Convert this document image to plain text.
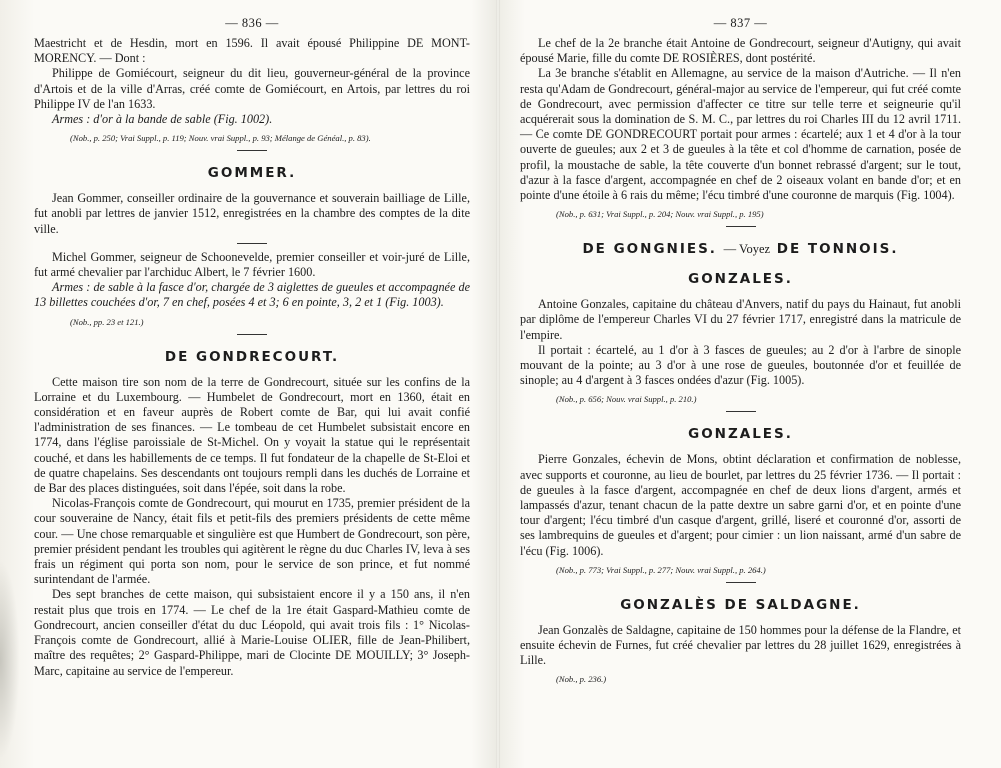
— 836 —

Maestricht et de Hesdin, mort en 1596. Il avait épousé Philippine DE MONT-MORENCY. — Dont :

Philippe de Gomiécourt, seigneur du dit lieu, gouverneur-général de la province d'Artois et de la ville d'Arras, créé comte de Gomiécourt, en Artois, par lettres du roi Philippe IV de l'an 1633.

Armes : d'or à la bande de sable (Fig. 1002).

(Nob., p. 250; Vrai Suppl., p. 119; Nouv. vrai Suppl., p. 93; Mélange de Généal., p. 83).
GOMMER.

Jean Gommer, conseiller ordinaire de la gouvernance et souverain bailliage de Lille, fut anobli par lettres de janvier 1512, enregistrées en la chambre des comptes de la dite ville.

Michel Gommer, seigneur de Schoonevelde, premier conseiller et voir-juré de Lille, fut armé chevalier par l'archiduc Albert, le 7 février 1600.

Armes : de sable à la fasce d'or, chargée de 3 aiglettes de gueules et accompagnée de 13 billettes couchées d'or, 7 en chef, posées 4 et 3; 6 en pointe, 3, 2 et 1 (Fig. 1003).

(Nob., pp. 23 et 121.)
DE GONDRECOURT.

Cette maison tire son nom de la terre de Gondrecourt, située sur les confins de la Lorraine et du Luxembourg. — Humbelet de Gondrecourt, mort en 1360, était en considération et en faveur auprès de Robert comte de Bar, qui lui avait confié l'administration de ses finances. — Le tombeau de cet Humbelet subsistait encore en 1774, dans l'église paroissiale de St-Michel. On y voyait la statue qui le représentait couché, et dans les habillements de ce temps. Il fut fondateur de la chapelle de St-Eloi et de quatre chapelains. Ses descendants ont toujours rempli dans les duchés de Lorraine et de Bar des places distinguées, soit dans l'épée, soit dans la robe.

Nicolas-François comte de Gondrecourt, qui mourut en 1735, premier président de la cour souveraine de Nancy, était fils et petit-fils des premiers présidents de cette même cour. — Une chose remarquable et singulière est que Humbert de Gondrecourt, son père, premier président pendant les troubles qui agitèrent le règne du duc Charles IV, leva à ses frais un régiment qui porta son nom, pour le service de son prince, et fut nommé surintendant de l'armée.

Des sept branches de cette maison, qui subsistaient encore il y a 150 ans, il n'en restait plus que trois en 1774. — Le chef de la 1re était Gaspard-Mathieu comte de Gondrecourt, ancien conseiller d'état du duc Léopold, qui avait trois fils : 1° Nicolas-François comte de Gondrecourt, allié à Marie-Louise OLIER, fille de Jean-Philibert, maître des requêtes; 2° Gaspard-Philippe, mari de Clocinte DE MOUILLY; 3° Joseph-Marc, capitaine au service de l'empereur.

— 837 —

Le chef de la 2e branche était Antoine de Gondrecourt, seigneur d'Autigny, qui avait épousé Marie, fille du comte DE ROSIÈRES, dont postérité.

La 3e branche s'établit en Allemagne, au service de la maison d'Autriche. — Il n'en resta qu'Adam de Gondrecourt, général-major au service de l'empereur, qui fut créé comte de Gondrecourt, avec permission d'affecter ce titre sur telle terre et seigneurie qu'il acquérerait sous la domination de S. M. C., par lettres du roi Charles III du 12 avril 1711. — Ce comte DE GONDRECOURT portait pour armes : écartelé; aux 1 et 4 d'or à la tour ouverte de gueules; aux 2 et 3 de gueules à la tête et col d'homme de carnation, posée de profil, la moustache de sable, la tête couverte d'un bonnet rebrassé d'argent; sur le tout, d'azur à la fasce d'argent, accompagnée en chef de 2 oiseaux volant en bande d'or; et en pointe d'une étoile à 6 rais du même; l'écu timbré d'une couronne de marquis (Fig. 1004).

(Nob., p. 631; Vrai Suppl., p. 204; Nouv. vrai Suppl., p. 195)
DE GONGNIES. — Voyez DE TONNOIS.
GONZALES.

Antoine Gonzales, capitaine du château d'Anvers, natif du pays du Hainaut, fut anobli par diplôme de l'empereur Charles VI du 27 février 1717, enregistré dans la matricule de l'empire.

Il portait : écartelé, au 1 d'or à 3 fasces de gueules; au 2 d'or à l'arbre de sinople mouvant de la pointe; au 3 d'or à une rose de gueules, boutonnée d'or et feuillée de sinople; au 4 d'argent à 3 fasces ondées d'azur (Fig. 1005).

(Nob., p. 656; Nouv. vrai Suppl., p. 210.)
GONZALES.

Pierre Gonzales, échevin de Mons, obtint déclaration et confirmation de noblesse, avec supports et couronne, au lieu de bourlet, par lettres du 25 février 1736. — Il portait : de gueules à la fasce d'argent, accompagnée en chef de deux lions d'argent, armés et lampassés d'azur, tenant chacun de la patte dextre un sabre garni d'or, et en pointe d'une tour d'argent; l'écu timbré d'un casque d'argent, grillé, liseré et couronné d'or, assorti de ses lambrequins de gueules et d'argent; pour cimier : un lion naissant, armé d'un sabre de l'écu (Fig. 1006).

(Nob., p. 773; Vrai Suppl., p. 277; Nouv. vrai Suppl., p. 264.)
GONZALÈS DE SALDAGNE.

Jean Gonzalès de Saldagne, capitaine de 150 hommes pour la défense de la Flandre, et ensuite échevin de Furnes, fut créé chevalier par lettres du 28 juillet 1629, enregistrées à Lille.

(Nob., p. 236.)
